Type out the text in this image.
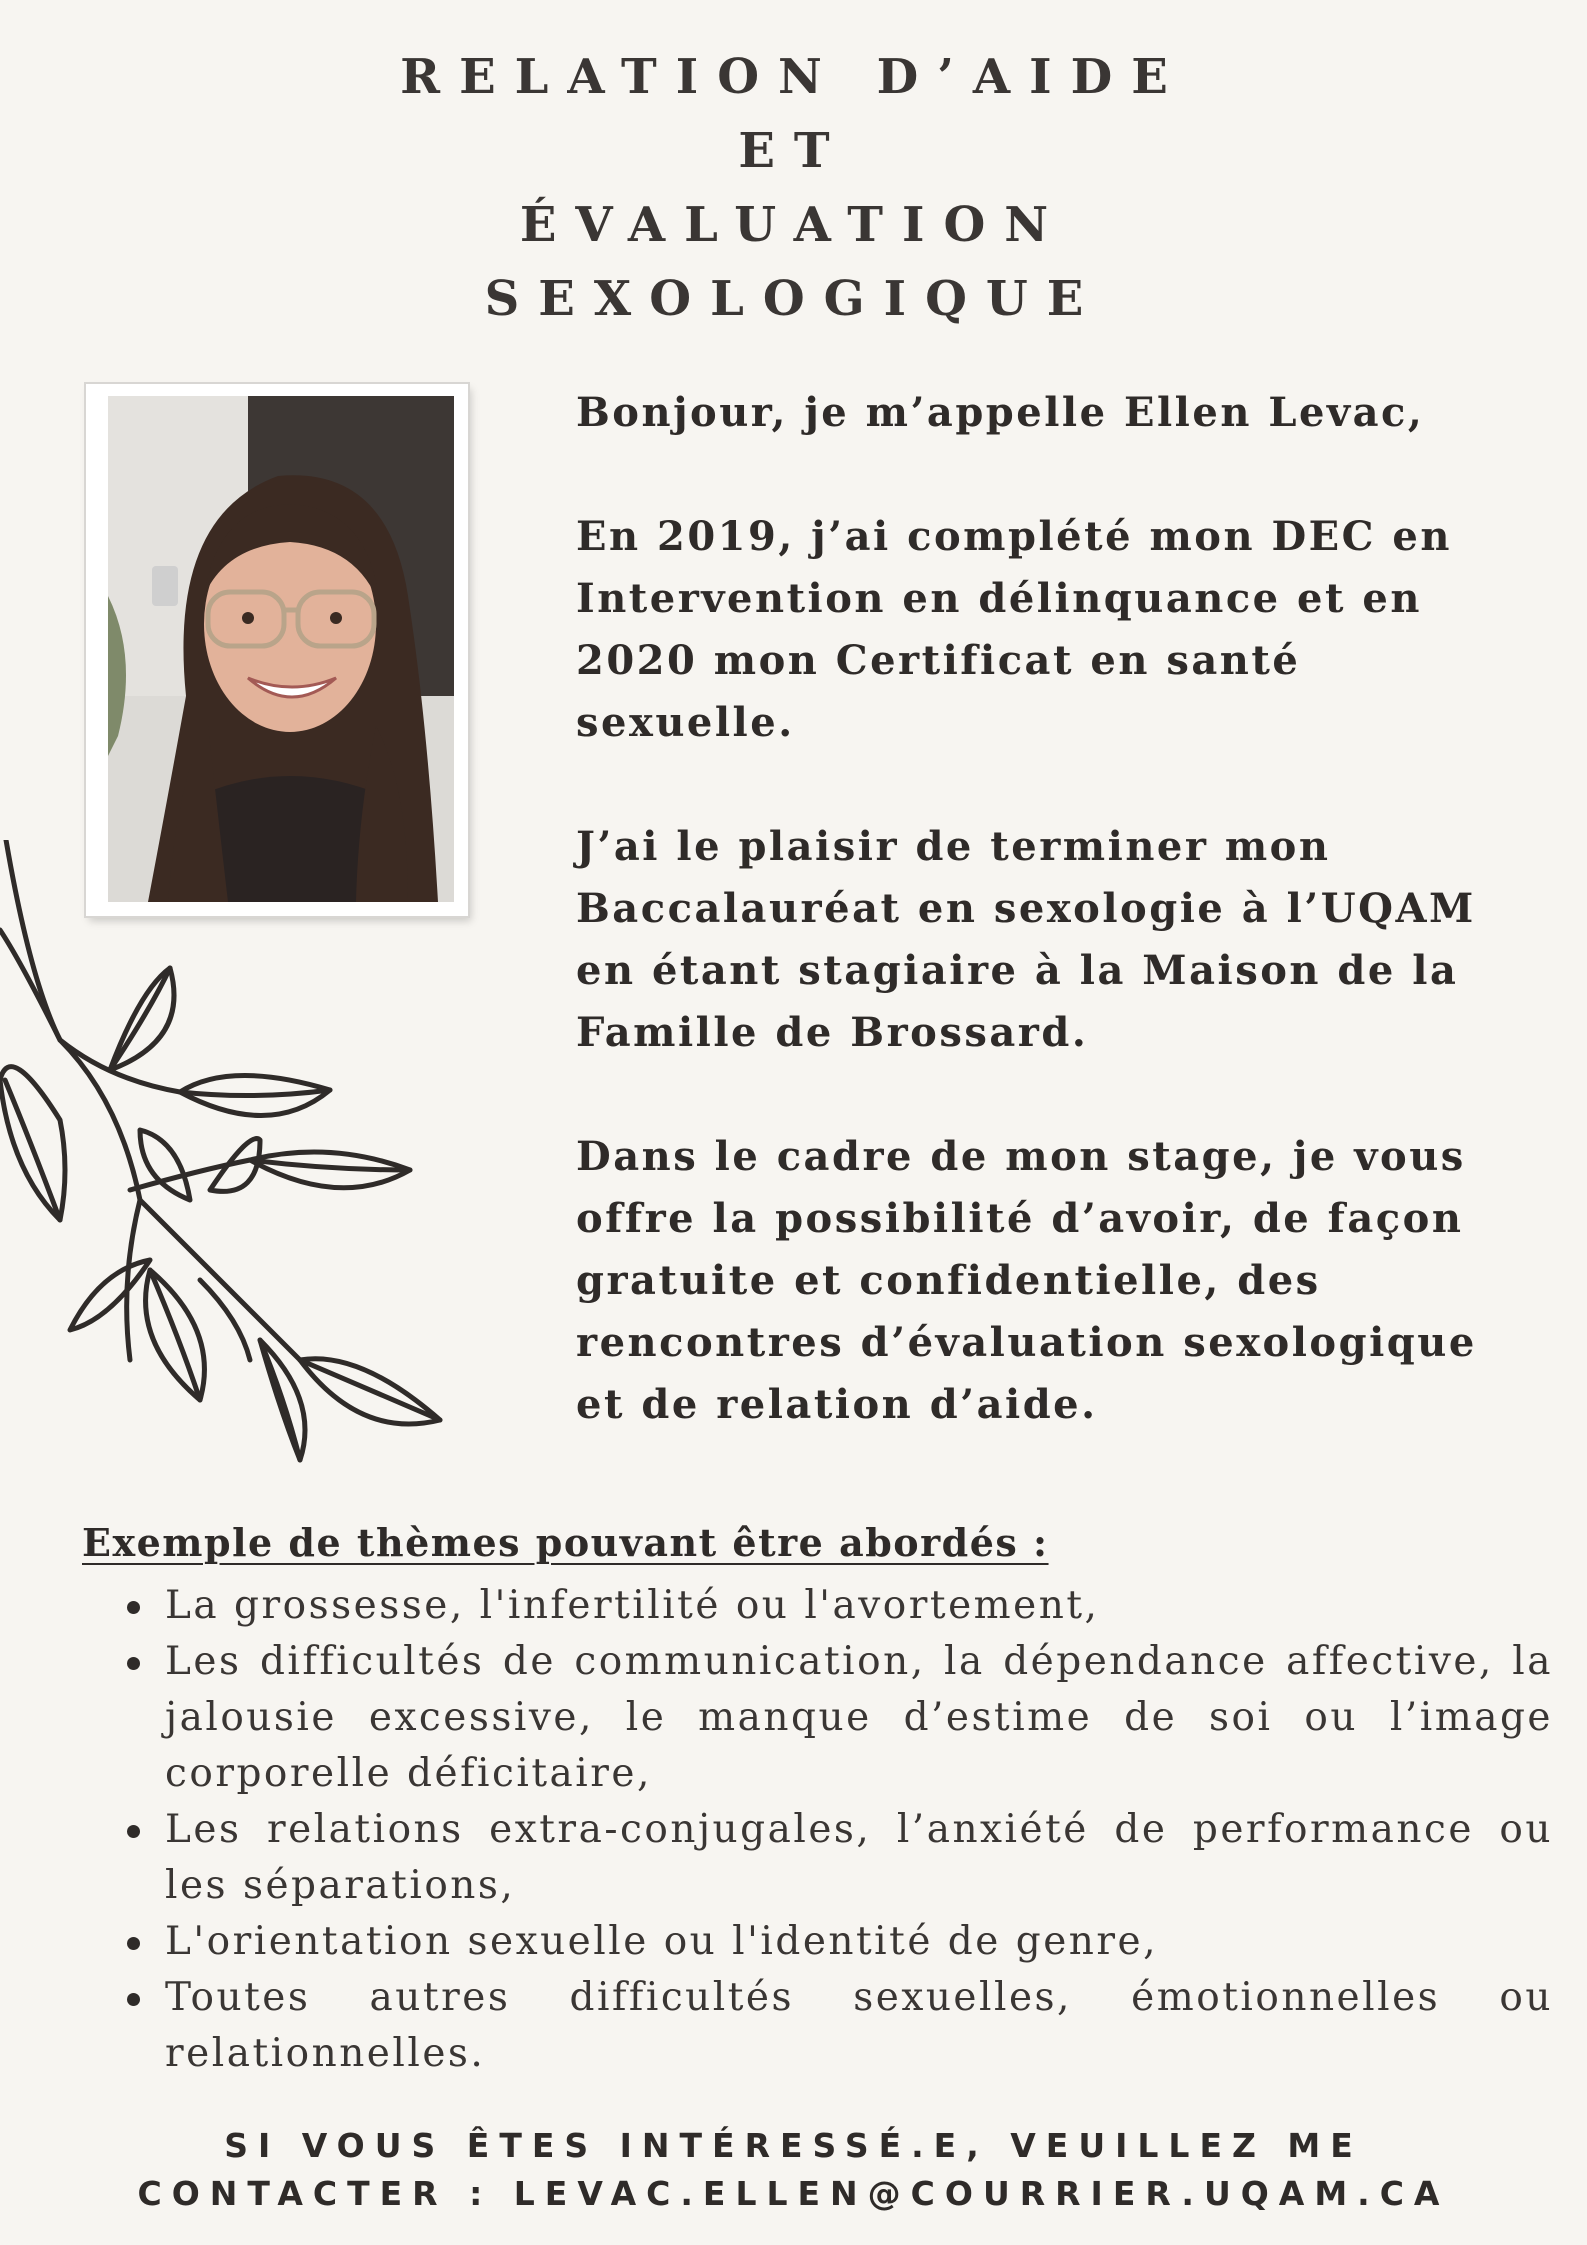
RELATION D’AIDE
ET
ÉVALUATION
SEXOLOGIQUE

Bonjour, je m’appelle Ellen Levac,

En 2019, j’ai complété mon DEC en
Intervention en délinquance et en
2020 mon Certificat en santé
sexuelle.

J’ai le plaisir de terminer mon
Baccalauréat en sexologie à l’UQAM
en étant stagiaire à la Maison de la
Famille de Brossard.

Dans le cadre de mon stage, je vous
offre la possibilité d’avoir, de façon
gratuite et confidentielle, des
rencontres d’évaluation sexologique
et de relation d’aide.

Exemple de thèmes pouvant être abordés :
La grossesse, l'infertilité ou l'avortement,
Les difficultés de communication, la dépendance affective, la jalousie excessive, le manque d’estime de soi ou l’image corporelle déficitaire,
Les relations extra-conjugales, l’anxiété de performance ou les séparations,
L'orientation sexuelle ou l'identité de genre,
Toutes autres difficultés sexuelles, émotionnelles ou relationnelles.
SI VOUS ÊTES INTÉRESSÉ.E, VEUILLEZ ME
CONTACTER : LEVAC.ELLEN@COURRIER.UQAM.CA
